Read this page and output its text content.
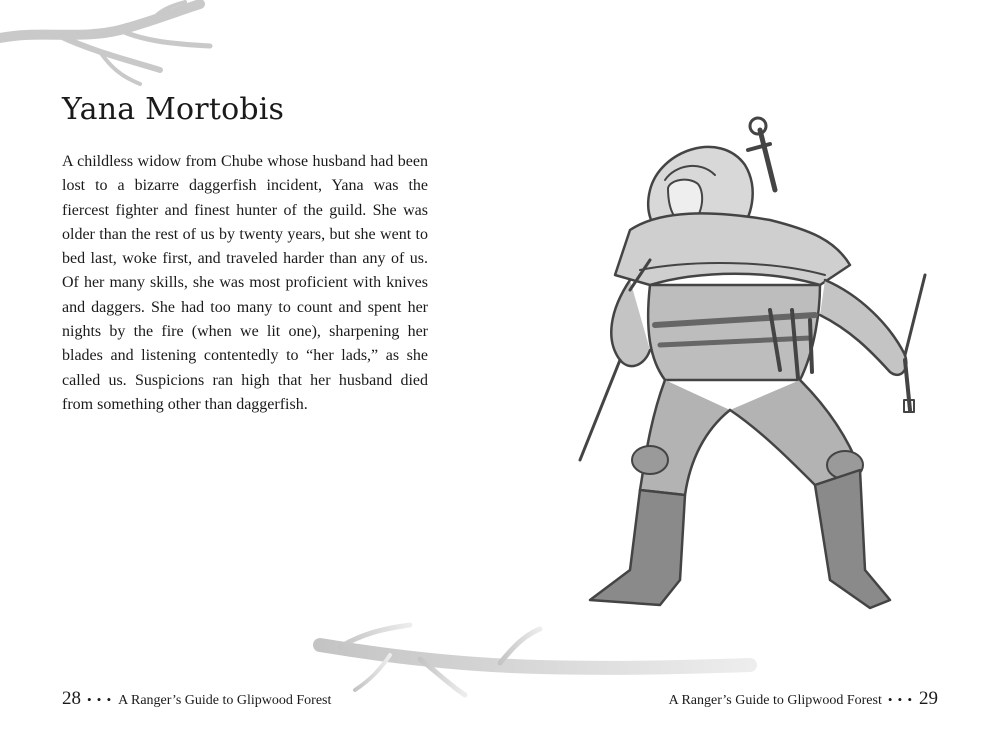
Yana Mortobis
A childless widow from Chube whose husband had been lost to a bizarre daggerfish incident, Yana was the fiercest fighter and finest hunter of the guild. She was older than the rest of us by twenty years, but she went to bed last, woke first, and traveled harder than any of us. Of her many skills, she was most proficient with knives and daggers. She had too many to count and spent her nights by the fire (when we lit one), sharpening her blades and listening contentedly to “her lads,” as she called us. Suspicions ran high that her husband died from something other than daggerfish.
28 • • • A Ranger’s Guide to Glipwood Forest	A Ranger’s Guide to Glipwood Forest • • • 29
